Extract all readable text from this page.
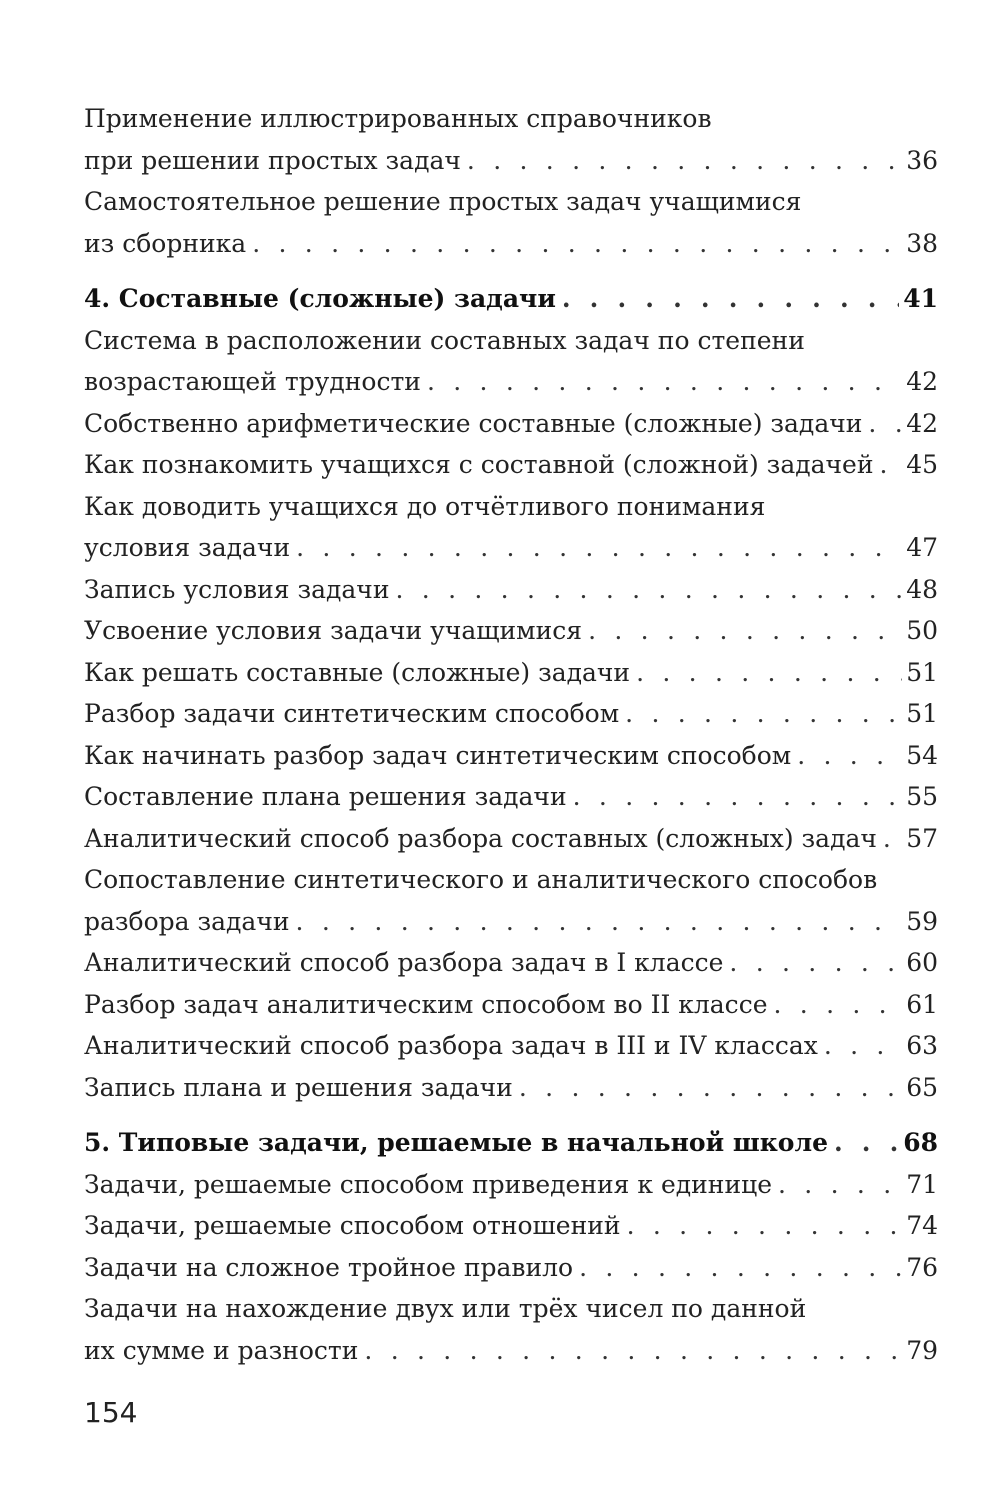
Применение иллюстрированных справочников
при решении простых задач . . .	36
Самостоятельное решение простых задач учащимися
из сборника . . .	38
4. Составные (сложные) задачи . . .	41
Система в расположении составных задач по степени
возрастающей трудности . . .	42
Собственно арифметические составные (сложные) задачи . . . 42
Как познакомить учащихся с составной (сложной) задачей . . . 45
Как доводить учащихся до отчётливого понимания
условия задачи . . .	47
Запись условия задачи . . .	48
Усвоение условия задачи учащимися . . .	50
Как решать составные (сложные) задачи . . .	51
Разбор задачи синтетическим способом . . .	51
Как начинать разбор задач синтетическим способом . . .	54
Составление плана решения задачи . . .	55
Аналитический способ разбора составных (сложных) задач . . . 57
Сопоставление синтетического и аналитического способов
разбора задачи . . .	59
Аналитический способ разбора задач в I классе . . .	60
Разбор задач аналитическим способом во II классе . . .	61
Аналитический способ разбора задач в III и IV классах . . .	63
Запись плана и решения задачи . . .	65
5. Типовые задачи, решаемые в начальной школе . . .	68
Задачи, решаемые способом приведения к единице . . .	71
Задачи, решаемые способом отношений . . .	74
Задачи на сложное тройное правило . . .	76
Задачи на нахождение двух или трёх чисел по данной
их сумме и разности . . .	79
154
